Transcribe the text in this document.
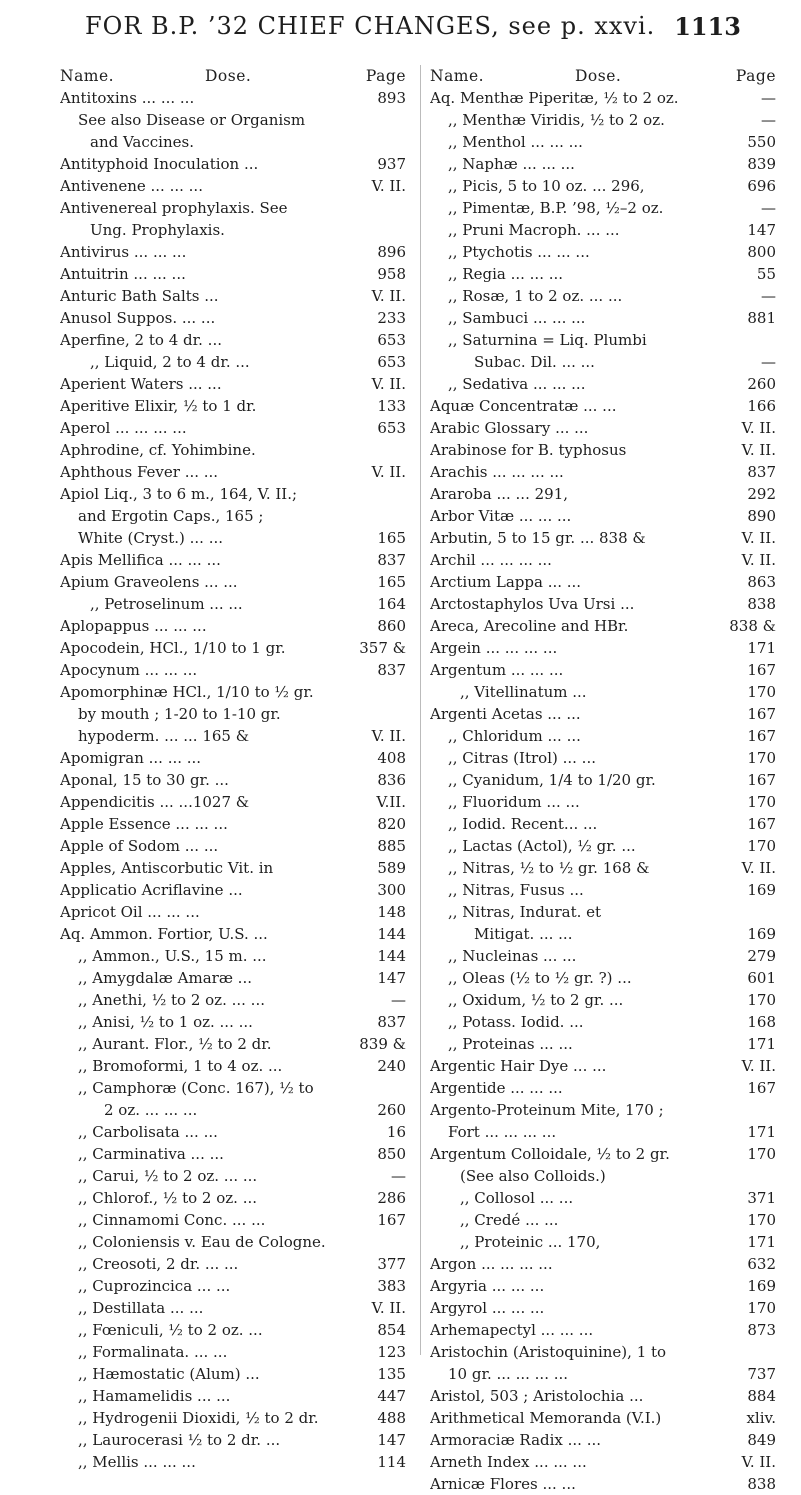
FOR B.P. ’32 CHIEF CHANGES, see p. xxvi. 1113
Name.	Dose.	Page
Antitoxins ... ... ...	893
See also Disease or Organism
and Vaccines.
Antityphoid Inoculation ...	937
Antivenene ... ... ...	V. II.
Antivenereal prophylaxis. See
Ung. Prophylaxis.
Antivirus ... ... ...	896
Antuitrin ... ... ...	958
Anturic Bath Salts ...	V. II.
Anusol Suppos. ... ...	233
Aperfine, 2 to 4 dr. ...	653
,, Liquid, 2 to 4 dr. ...	653
Aperient Waters ... ...	V. II.
Aperitive Elixir, ½ to 1 dr.	133
Aperol ... ... ... ...	653
Aphrodine, cf. Yohimbine.
Aphthous Fever ... ...	V. II.
Apiol Liq., 3 to 6 m., 164, V. II.;
and Ergotin Caps., 165 ;
White (Cryst.) ... ...	165
Apis Mellifica ... ... ...	837
Apium Graveolens ... ...	165
,, Petroselinum ... ...	164
Aplopappus ... ... ...	860
Apocodein, HCl., 1/10 to 1 gr.	357 &
Apocynum ... ... ...	837
Apomorphinæ HCl., 1/10 to ½ gr.
by mouth ; 1-20 to 1-10 gr.
hypoderm. ... ... 165 &	V. II.
Apomigran ... ... ...	408
Aponal, 15 to 30 gr. ...	836
Appendicitis ... ...1027 &	V.II.
Apple Essence ... ... ...	820
Apple of Sodom ... ...	885
Apples, Antiscorbutic Vit. in	589
Applicatio Acriflavine ...	300
Apricot Oil ... ... ...	148
Aq. Ammon. Fortior, U.S. ...	144
,, Ammon., U.S., 15 m. ...	144
,, Amygdalæ Amaræ ...	147
,, Anethi, ½ to 2 oz. ... ...	—
,, Anisi, ½ to 1 oz. ... ...	837
,, Aurant. Flor., ½ to 2 dr.	839 &
,, Bromoformi, 1 to 4 oz. ...	240
,, Camphoræ (Conc. 167), ½ to
2 oz. ... ... ...	260
,, Carbolisata ... ...	16
,, Carminativa ... ...	850
,, Carui, ½ to 2 oz. ... ...	—
,, Chlorof., ½ to 2 oz. ...	286
,, Cinnamomi Conc. ... ...	167
,, Coloniensis v. Eau de Cologne.
,, Creosoti, 2 dr. ... ...	377
,, Cuprozincica ... ...	383
,, Destillata ... ...	V. II.
,, Fœniculi, ½ to 2 oz. ...	854
,, Formalinata. ... ...	123
,, Hæmostatic (Alum) ...	135
,, Hamamelidis ... ...	447
,, Hydrogenii Dioxidi, ½ to 2 dr.	488
,, Laurocerasi ½ to 2 dr. ...	147
,, Mellis ... ... ...	114
Name.	Dose.	Page
Aq. Menthæ Piperitæ, ½ to 2 oz.	—
,, Menthæ Viridis, ½ to 2 oz.	—
,, Menthol ... ... ...	550
,, Naphæ ... ... ...	839
,, Picis, 5 to 10 oz. ... 296,	696
,, Pimentæ, B.P. ’98, ½–2 oz.	—
,, Pruni Macroph. ... ...	147
,, Ptychotis ... ... ...	800
,, Regia ... ... ...	55
,, Rosæ, 1 to 2 oz. ... ...	—
,, Sambuci ... ... ...	881
,, Saturnina = Liq. Plumbi
Subac. Dil. ... ...	—
,, Sedativa ... ... ...	260
Aquæ Concentratæ ... ...	166
Arabic Glossary ... ...	V. II.
Arabinose for B. typhosus	V. II.
Arachis ... ... ... ...	837
Araroba ... ... 291,	292
Arbor Vitæ ... ... ...	890
Arbutin, 5 to 15 gr. ... 838 &	V. II.
Archil ... ... ... ...	V. II.
Arctium Lappa ... ...	863
Arctostaphylos Uva Ursi ...	838
Areca, Arecoline and HBr.	838 &
Argein ... ... ... ...	171
Argentum ... ... ...	167
,, Vitellinatum ...	170
Argenti Acetas ... ...	167
,, Chloridum ... ...	167
,, Citras (Itrol) ... ...	170
,, Cyanidum, 1/4 to 1/20 gr.	167
,, Fluoridum ... ...	170
,, Iodid. Recent... ...	167
,, Lactas (Actol), ½ gr. ...	170
,, Nitras, ½ to ½ gr. 168 &	V. II.
,, Nitras, Fusus ...	169
,, Nitras, Indurat. et
Mitigat. ... ...	169
,, Nucleinas ... ...	279
,, Oleas (½ to ½ gr. ?) ...	601
,, Oxidum, ½ to 2 gr. ...	170
,, Potass. Iodid. ...	168
,, Proteinas ... ...	171
Argentic Hair Dye ... ...	V. II.
Argentide ... ... ...	167
Argento-Proteinum Mite, 170 ;
Fort ... ... ... ...	171
Argentum Colloidale, ½ to 2 gr.	170
(See also Colloids.)
,, Collosol ... ...	371
,, Credé ... ...	170
,, Proteinic ... 170,	171
Argon ... ... ... ...	632
Argyria ... ... ...	169
Argyrol ... ... ...	170
Arhemapectyl ... ... ...	873
Aristochin (Aristoquinine), 1 to
10 gr. ... ... ... ...	737
Aristol, 503 ; Aristolochia ...	884
Arithmetical Memoranda (V.I.)	xliv.
Armoraciæ Radix ... ...	849
Arneth Index ... ... ...	V. II.
Arnicæ Flores ... ...	838
